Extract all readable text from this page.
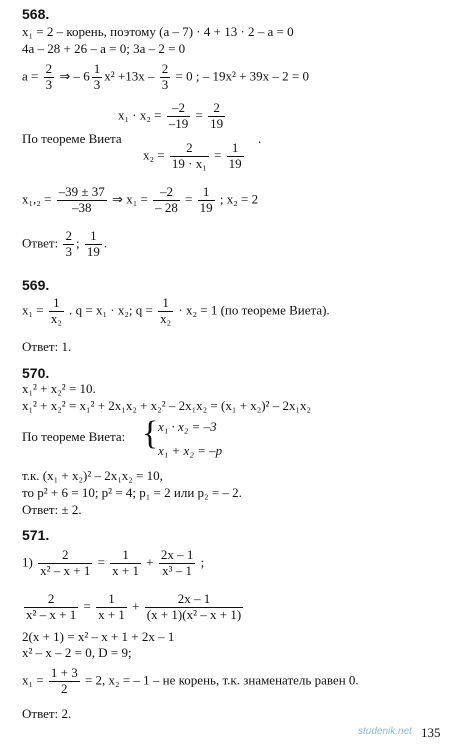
568.
x₁ = 2 – корень, поэтому (a – 7) · 4 + 13 · 2 – a = 0
4a – 28 + 26 – a = 0; 3a – 2 = 0
$a = \frac{2}{3}$ ⇒ – $6 \frac{1}{3} x^2 +13x - \frac{2}{3} = 0$ ; – 19x² + 39x – 2 = 0
$x_1 \cdot x_2 = \frac{-2}{-19} = \frac{2}{19}$
По теореме Виета	.
$x_2 = \frac{2}{\text{19 · x₁}} = \frac{1}{19}$
$x_1,_2 = \frac{-39 \pm 37}{-38}$ ⇒ $x_1 = \frac{-2}{- 28} = \frac{1}{19}$ ; x₂ = 2
Ответ: $\frac{2}{3}$ ; $\frac{1}{19}$ .
569.
$x_1 = \frac{1}{\text{x₂}}$ . q = x₁ · x₂; $q = \frac{1}{\text{x₂}} \cdot x_2 = 1$ (по теореме Виета).
Ответ: 1.
570.
x₁² + x₂² = 10.
x₁² + x₂² = x₁² + 2x₁x₂ + x₂² – 2x₁x₂ = (x₁ + x₂)² – 2x₁x₂
По теореме Виета: { x₁ · x₂ = –3
x₁ + x₂ = –p
т.к. (x₁ + x₂)² – 2x₁x₂ = 10,
то p² + 6 = 10; p² = 4; p₁ = 2 или p₂ = – 2.
Ответ: ± 2.
571.
$1) \frac{2}{\text{x² – x + 1}} = \frac{1}{x + 1} + \frac{2x - 1}{\text{x³ – 1}}$ ;
$\frac{2}{\text{x² – x + 1}} = \frac{1}{x + 1} + \frac{2x - 1}{\text{(x + 1)(x² – x + 1)}}$
2(x + 1) = x² – x + 1 + 2x – 1
x² – x – 2 = 0, D = 9;
$x_1 = \frac{1 + 3}{2} = 2$, x₂ = – 1 – не корень, т.к. знаменатель равен 0.
Ответ: 2.
studenik.net 135
